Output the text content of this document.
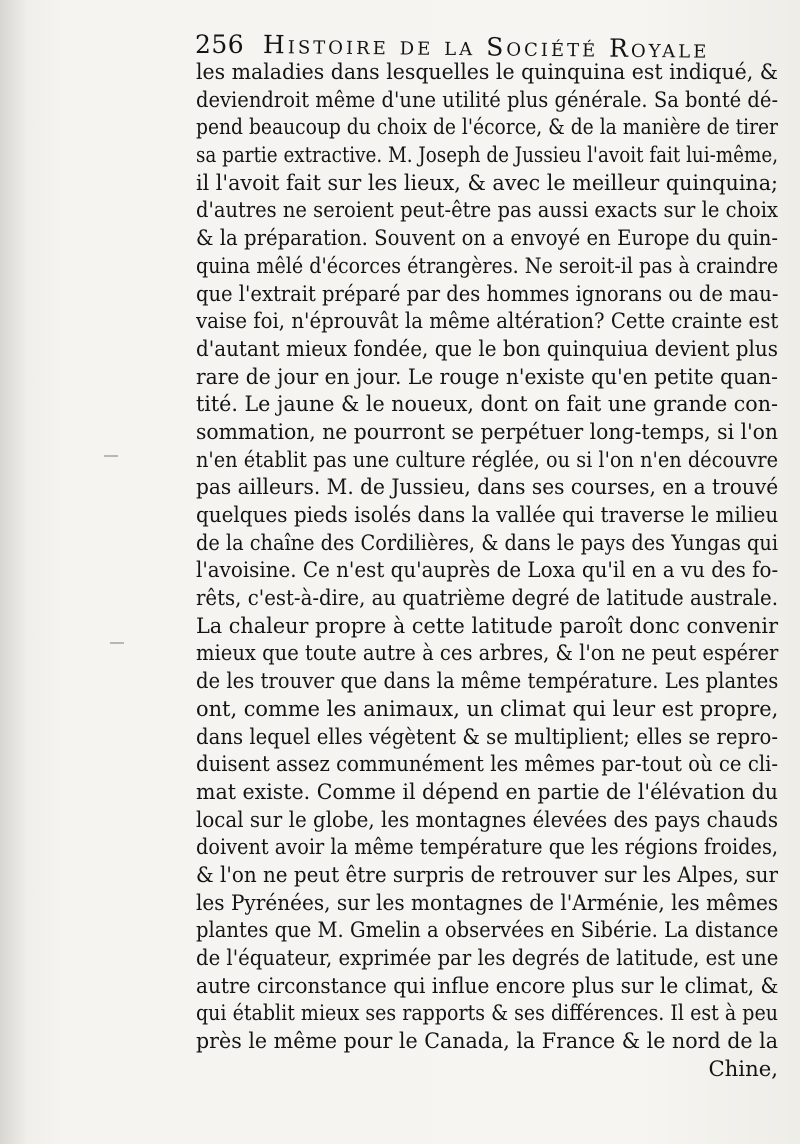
256 Histoire de la Société Royale
les maladies dans lesquelles le quinquina est indiqué, &
deviendroit même d'une utilité plus générale. Sa bonté dé-
pend beaucoup du choix de l'écorce, & de la manière de tirer
sa partie extractive. M. Joseph de Jussieu l'avoit fait lui-même,
il l'avoit fait sur les lieux, & avec le meilleur quinquina;
d'autres ne seroient peut-être pas aussi exacts sur le choix
& la préparation. Souvent on a envoyé en Europe du quin-
quina mêlé d'écorces étrangères. Ne seroit-il pas à craindre
que l'extrait préparé par des hommes ignorans ou de mau-
vaise foi, n'éprouvât la même altération? Cette crainte est
d'autant mieux fondée, que le bon quinquiua devient plus
rare de jour en jour. Le rouge n'existe qu'en petite quan-
tité. Le jaune & le noueux, dont on fait une grande con-
sommation, ne pourront se perpétuer long-temps, si l'on
n'en établit pas une culture réglée, ou si l'on n'en découvre
pas ailleurs. M. de Jussieu, dans ses courses, en a trouvé
quelques pieds isolés dans la vallée qui traverse le milieu
de la chaîne des Cordilières, & dans le pays des Yungas qui
l'avoisine. Ce n'est qu'auprès de Loxa qu'il en a vu des fo-
rêts, c'est-à-dire, au quatrième degré de latitude australe.
La chaleur propre à cette latitude paroît donc convenir
mieux que toute autre à ces arbres, & l'on ne peut espérer
de les trouver que dans la même température. Les plantes
ont, comme les animaux, un climat qui leur est propre,
dans lequel elles végètent & se multiplient; elles se repro-
duisent assez communément les mêmes par-tout où ce cli-
mat existe. Comme il dépend en partie de l'élévation du
local sur le globe, les montagnes élevées des pays chauds
doivent avoir la même température que les régions froides,
& l'on ne peut être surpris de retrouver sur les Alpes, sur
les Pyrénées, sur les montagnes de l'Arménie, les mêmes
plantes que M. Gmelin a observées en Sibérie. La distance
de l'équateur, exprimée par les degrés de latitude, est une
autre circonstance qui influe encore plus sur le climat, &
qui établit mieux ses rapports & ses différences. Il est à peu
près le même pour le Canada, la France & le nord de la
Chine,
